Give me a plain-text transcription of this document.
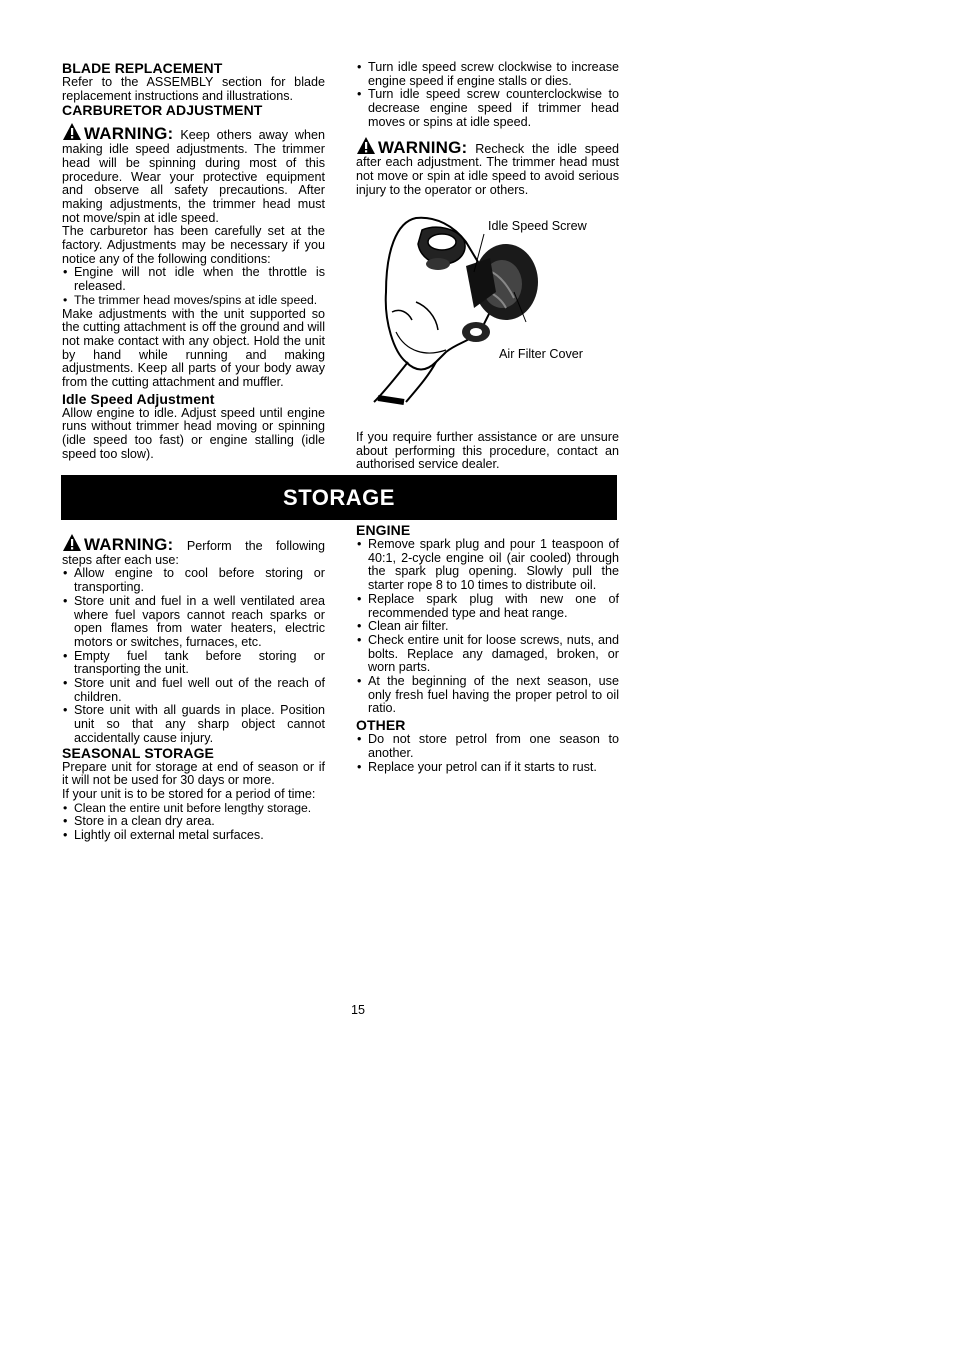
BLADE REPLACEMENT

Refer to the ASSEMBLY section for blade replacement instructions and illustrations.

CARBURETOR ADJUSTMENT

WARNING: Keep others away when making idle speed adjustments. The trimmer head will be spinning during most of this procedure. Wear your protective equipment and observe all safety precautions. After making adjustments, the trimmer head must not move/spin at idle speed.

The carburetor has been carefully set at the factory. Adjustments may be necessary if you notice any of the following conditions:

• Engine will not idle when the throttle is released.
• The trimmer head moves/spins at idle speed.

Make adjustments with the unit supported so the cutting attachment is off the ground and will not make contact with any object. Hold the unit by hand while running and making adjustments. Keep all parts of your body away from the cutting attachment and muffler.

Idle Speed Adjustment

Allow engine to idle. Adjust speed until engine runs without trimmer head moving or spinning (idle speed too fast) or engine stalling (idle speed too slow).

• Turn idle speed screw clockwise to increase engine speed if engine stalls or dies.
• Turn idle speed screw counterclockwise to decrease engine speed if trimmer head moves or spins at idle speed.

WARNING: Recheck the idle speed after each adjustment. The trimmer head must not move or spin at idle speed to avoid serious injury to the operator or others.

Idle Speed Screw
Air Filter Cover

If you require further assistance or are unsure about performing this procedure, contact an authorised service dealer.

STORAGE

WARNING: Perform the following steps after each use:

• Allow engine to cool before storing or transporting.
• Store unit and fuel in a well ventilated area where fuel vapors cannot reach sparks or open flames from water heaters, electric motors or switches, furnaces, etc.
• Empty fuel tank before storing or transporting the unit.
• Store unit and fuel well out of the reach of children.
• Store unit with all guards in place. Position unit so that any sharp object cannot accidentally cause injury.
SEASONAL STORAGE

Prepare unit for storage at end of season or if it will not be used for 30 days or more.

If your unit is to be stored for a period of time:

• Clean the entire unit before lengthy storage.
• Store in a clean dry area.
• Lightly oil external metal surfaces.
ENGINE
• Remove spark plug and pour 1 teaspoon of 40:1, 2-cycle engine oil (air cooled) through the spark plug opening. Slowly pull the starter rope 8 to 10 times to distribute oil.
• Replace spark plug with new one of recommended type and heat range.
• Clean air filter.
• Check entire unit for loose screws, nuts, and bolts. Replace any damaged, broken, or worn parts.
• At the beginning of the next season, use only fresh fuel having the proper petrol to oil ratio.
OTHER
• Do not store petrol from one season to another.
• Replace your petrol can if it starts to rust.
15
